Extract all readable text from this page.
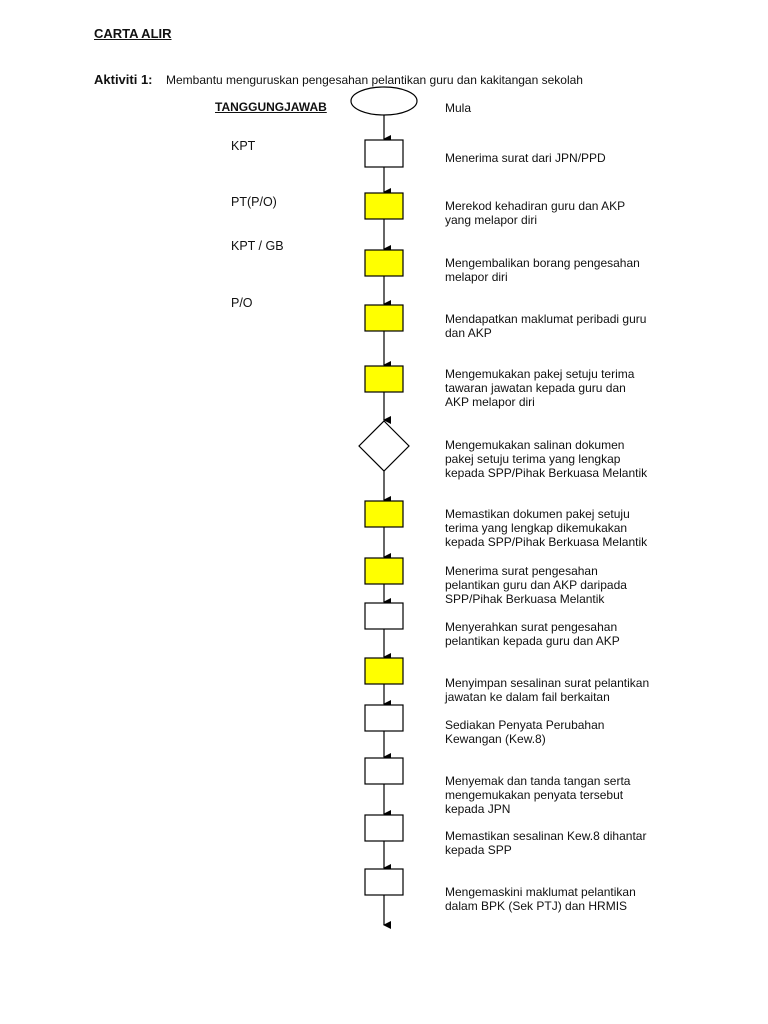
CARTA ALIR
Aktiviti 1: Membantu menguruskan pengesahan pelantikan guru dan kakitangan sekolah
TANGGUNGJAWAB
KPT
PT(P/O)
KPT / GB
P/O
Mula
Menerima surat dari JPN/PPD
Merekod kehadiran guru dan AKP
yang melapor diri
Mengembalikan borang pengesahan
melapor diri
Mendapatkan maklumat peribadi guru
dan AKP
Mengemukakan pakej setuju terima
tawaran jawatan kepada guru dan
AKP melapor diri
Mengemukakan salinan dokumen
pakej setuju terima yang lengkap
kepada SPP/Pihak Berkuasa Melantik
Memastikan dokumen pakej setuju
terima yang lengkap dikemukakan
kepada SPP/Pihak Berkuasa Melantik
Menerima surat pengesahan
pelantikan guru dan AKP daripada
SPP/Pihak Berkuasa Melantik
Menyerahkan surat pengesahan
pelantikan kepada guru dan AKP
Menyimpan sesalinan surat pelantikan
jawatan ke dalam fail berkaitan
Sediakan Penyata Perubahan
Kewangan (Kew.8)
Menyemak dan tanda tangan serta
mengemukakan penyata tersebut
kepada JPN
Memastikan sesalinan Kew.8 dihantar
kepada SPP
Mengemaskini maklumat pelantikan
dalam BPK (Sek PTJ) dan HRMIS
